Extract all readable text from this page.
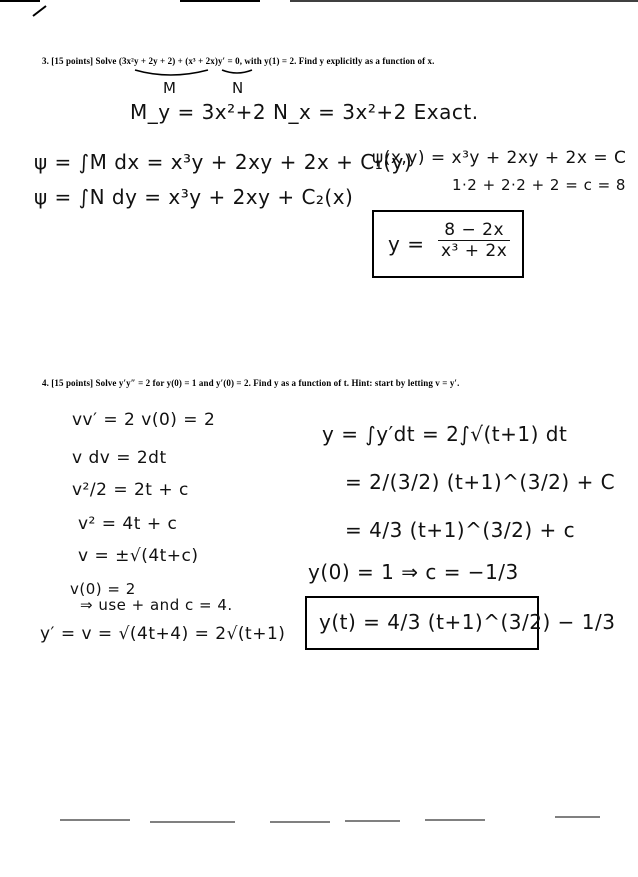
3. [15 points] Solve (3x²y + 2y + 2) + (x³ + 2x)y′ = 0, with y(1) = 2. Find y explicitly as a function of x.
M	N
M_y = 3x²+2 N_x = 3x²+2 Exact.
ψ = ∫M dx = x³y + 2xy + 2x + C₁(y)
ψ = ∫N dy = x³y + 2xy + C₂(x)
ψ(x,y) = x³y + 2xy + 2x = C
1·2 + 2·2 + 2 = c = 8
$y = \frac{8 - 2x}{\text{x³ + 2x}}$
4. [15 points] Solve y′y″ = 2 for y(0) = 1 and y′(0) = 2. Find y as a function of t. Hint: start by letting v = y′.
vv′ = 2 v(0) = 2
v dv = 2dt
v²/2 = 2t + c
v² = 4t + c
v = ±√(4t+c)
v(0) = 2
⇒ use + and c = 4.
y′ = v = √(4t+4) = 2√(t+1)
y = ∫y′dt = 2∫√(t+1) dt
= 2/(3/2) (t+1)^(3/2) + C
= 4/3 (t+1)^(3/2) + c
y(0) = 1 ⇒ c = −1/3
y(t) = 4/3 (t+1)^(3/2) − 1/3
